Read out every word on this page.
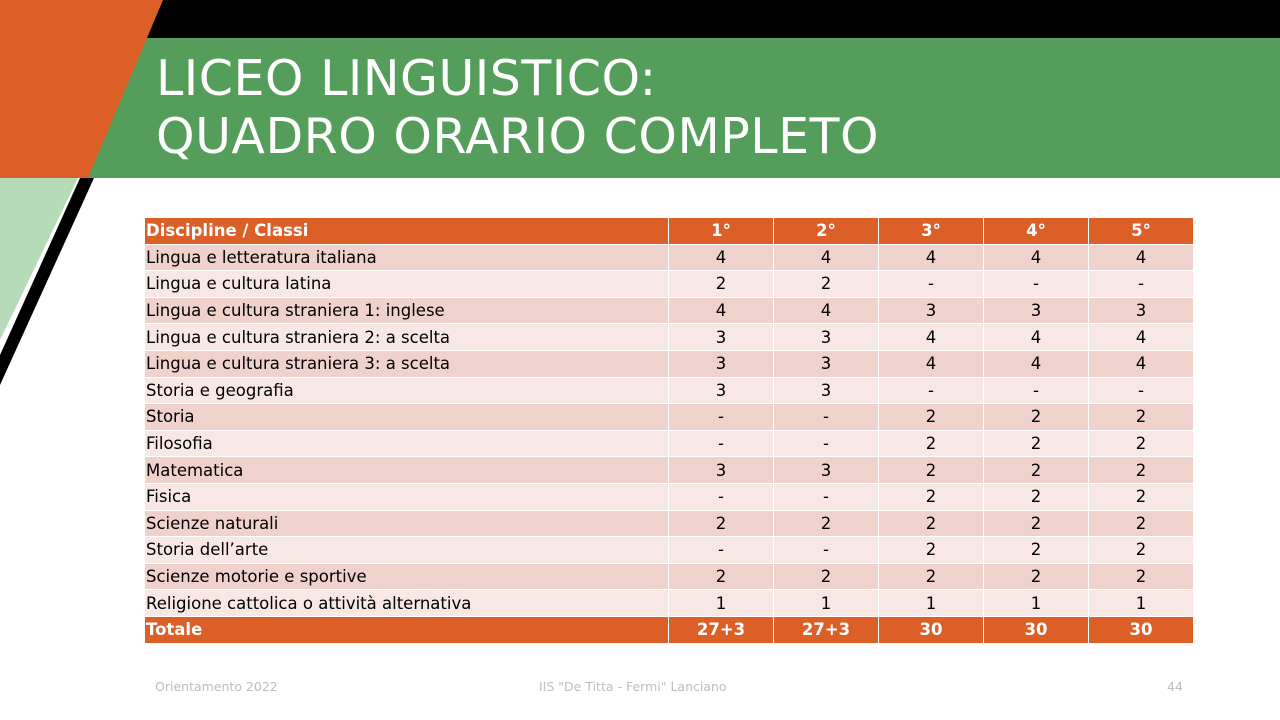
LICEO LINGUISTICO:
QUADRO ORARIO COMPLETO
Discipline / Classi	1°	2°	3°	4°	5°
Lingua e letteratura italiana	4	4	4	4	4
Lingua e cultura latina	2	2	-	-	-
Lingua e cultura straniera 1: inglese	4	4	3	3	3
Lingua e cultura straniera 2: a scelta	3	3	4	4	4
Lingua e cultura straniera 3: a scelta	3	3	4	4	4
Storia e geografia	3	3	-	-	-
Storia	-	-	2	2	2
Filosofia	-	-	2	2	2
Matematica	3	3	2	2	2
Fisica	-	-	2	2	2
Scienze naturali	2	2	2	2	2
Storia dell’arte	-	-	2	2	2
Scienze motorie e sportive	2	2	2	2	2
Religione cattolica o attività alternativa	1	1	1	1	1
Totale	27+3	27+3	30	30	30
Orientamento 2022	IIS "De Titta - Fermi" Lanciano	44
